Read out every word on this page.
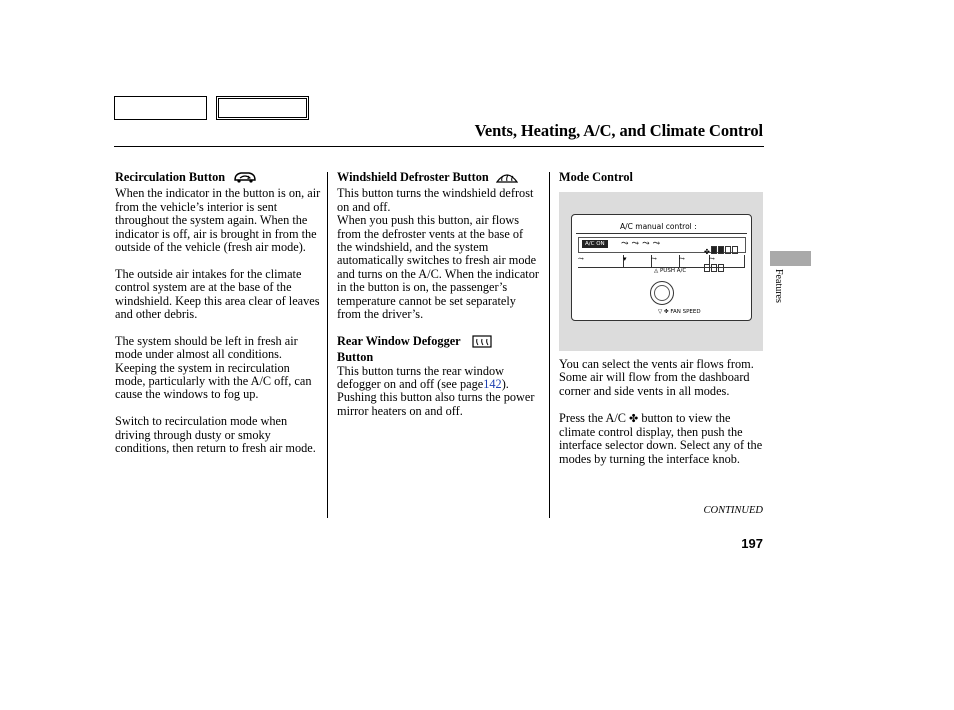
Vents, Heating, A/C, and Climate Control
Recirculation Button

When the indicator in the button is on, air from the vehicle’s interior is sent throughout the system again. When the indicator is off, air is brought in from the outside of the vehicle (fresh air mode).

The outside air intakes for the climate control system are at the base of the windshield. Keep this area clear of leaves and other debris.

The system should be left in fresh air mode under almost all conditions. Keeping the system in recirculation mode, particularly with the A/C off, can cause the windows to fog up.

Switch to recirculation mode when driving through dusty or smoky conditions, then return to fresh air mode.

Windshield Defroster Button

This button turns the windshield defrost on and off.

When you push this button, air flows from the defroster vents at the base of the windshield, and the system automatically switches to fresh air mode and turns on the A/C. When the indicator in the button is on, the passenger’s temperature cannot be set separately from the driver’s.

Rear Window Defogger
Button

This button turns the rear window defogger on and off (see page142). Pushing this button also turns the power mirror heaters on and off.

Mode Control
A/C manual control :
A/C ON	⤳⤳⤳⤳
✤
⤳	▾	⤳	⤳	⤳
◬ PUSH A/C
▽ ✤ FAN SPEED

You can select the vents air flows from. Some air will flow from the dashboard corner and side vents in all modes.

Press the A/C ✤ button to view the climate control display, then push the interface selector down. Select any of the modes by turning the interface knob.

CONTINUED
197
Features
